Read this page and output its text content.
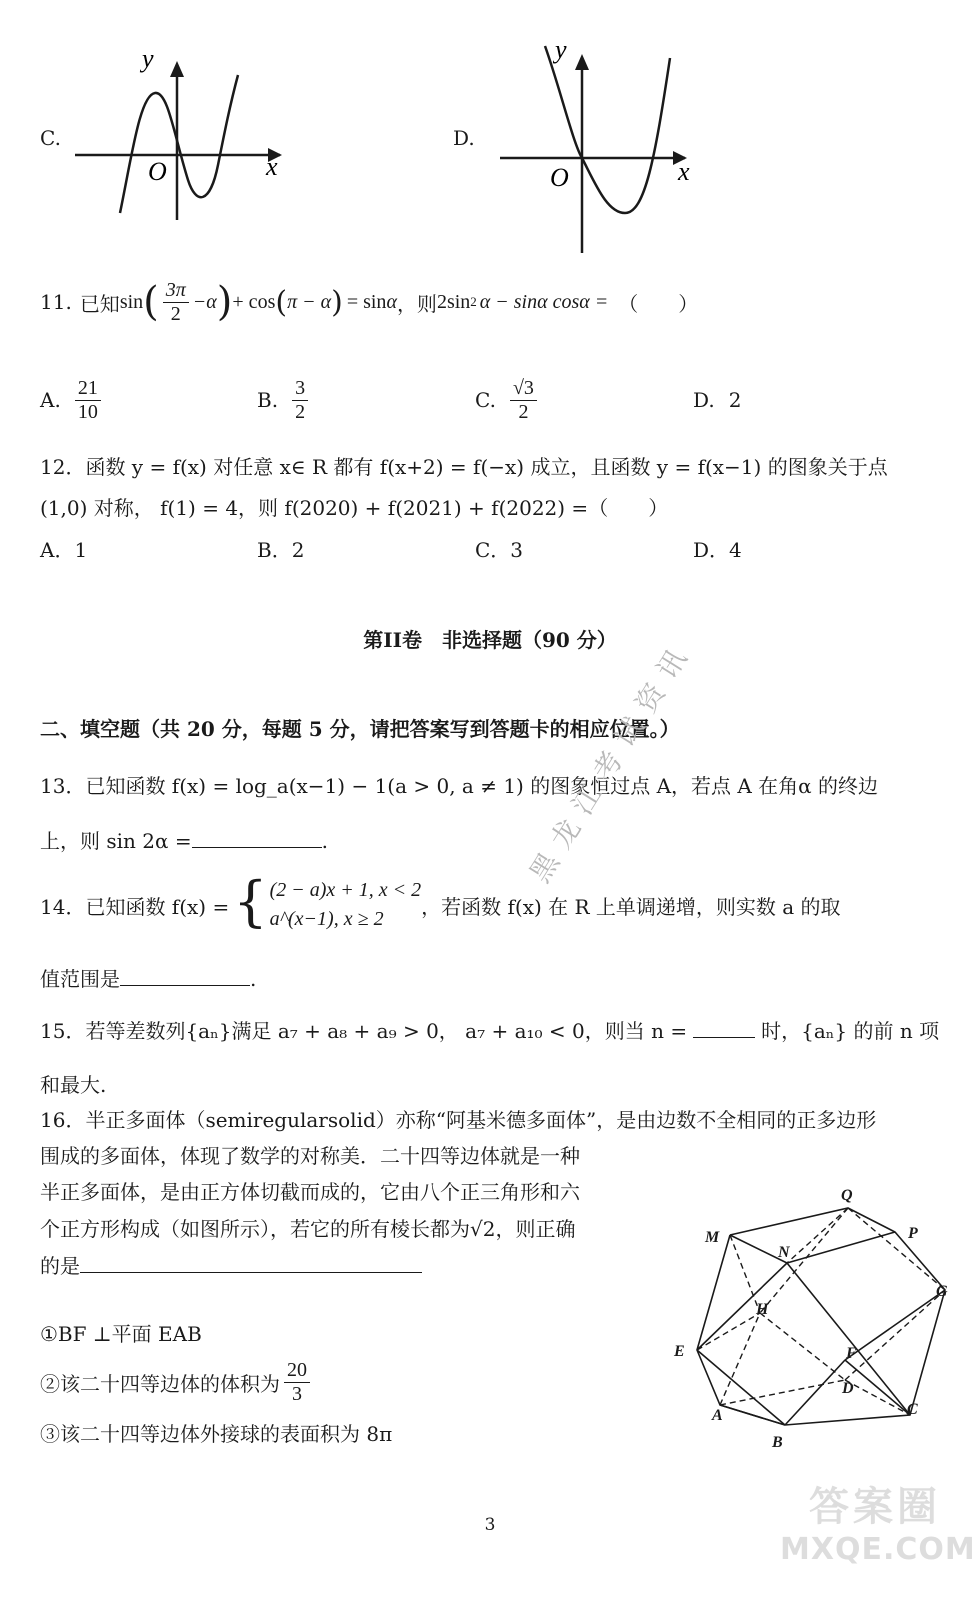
C.
y
x
O
D.
y
x
O
11. 已知 sin ( $\frac{3\pi}{2} -\alpha$ ) + cos ( π − α ) = sin α ，则 2sin 2 α − sinα cosα = （　　）
A. $\frac{21}{10}$	B. $\frac{3}{2}$	C. $\frac{√3}{2}$	D. 2
12．函数 y = f(x) 对任意 x∈ R 都有 f(x+2) = f(−x) 成立，且函数 y = f(x−1) 的图象关于点
(1,0) 对称， f(1) = 4，则 f(2020) + f(2021) + f(2022) =（　　）
A．1	B．2	C．3	D．4
第II卷　非选择题（90 分）
二、填空题（共 20 分，每题 5 分，请把答案写到答题卡的相应位置。）
13．已知函数 f(x) = log_a(x−1) − 1(a > 0, a ≠ 1) 的图象恒过点 A，若点 A 在角α 的终边
上，则 sin 2α =	.
14．已知函数 f(x) = { (2 − a)x + 1, x < 2
a^(x−1), x ≥ 2
，若函数 f(x) 在 R 上单调递增，则实数 a 的取
值范围是	.
15．若等差数列{aₙ}满足 a₇ + a₈ + a₉ > 0， a₇ + a₁₀ < 0，则当 n =	时，{aₙ} 的前 n 项
和最大.
16．半正多面体（semiregularsolid）亦称“阿基米德多面体”，是由边数不全相同的正多边形
围成的多面体，体现了数学的对称美．二十四等边体就是一种
半正多面体，是由正方体切截而成的，它由八个正三角形和六
个正方形构成（如图所示），若它的所有棱长都为√2，则正确
的是
①BF ⊥平面 EAB
②该二十四等边体的体积为 $\frac{20}{3}$
③该二十四等边体外接球的表面积为 8π
Q
P
M
N
G
H
E	F
D
A	C
B
黑龙江考试资讯
3	答案圈
MXQE.COM
